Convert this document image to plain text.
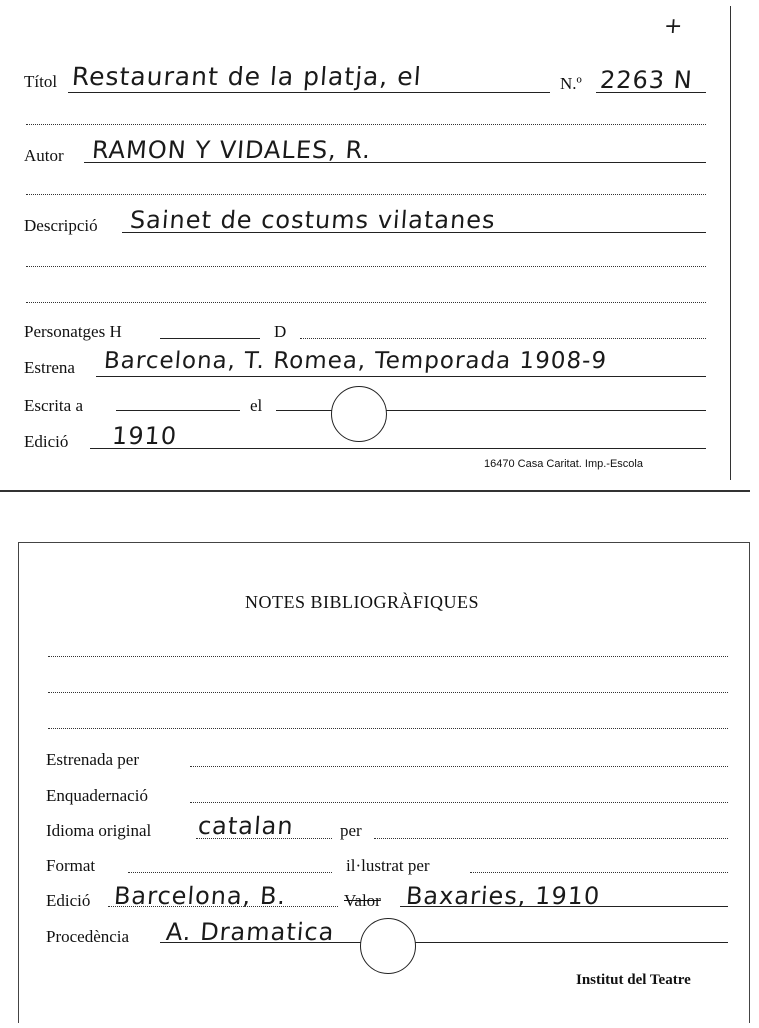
+
Títol Restaurant de la platja, el	N.º 2263 N
Autor RAMON Y VIDALES, R.
Descripció Sainet de costums vilatanes
Personatges H	D
Estrena Barcelona, T. Romea, Temporada 1908-9
Escrita a	el
Edició 1910
16470 Casa Caritat. Imp.-Escola
NOTES BIBLIOGRÀFIQUES
Estrenada per
Enquadernació
Idioma original catalan	per
Format	il·lustrat per
Edició Barcelona, B.	Valor Baxaries, 1910
Procedència A. Dramatica
Institut del Teatre
